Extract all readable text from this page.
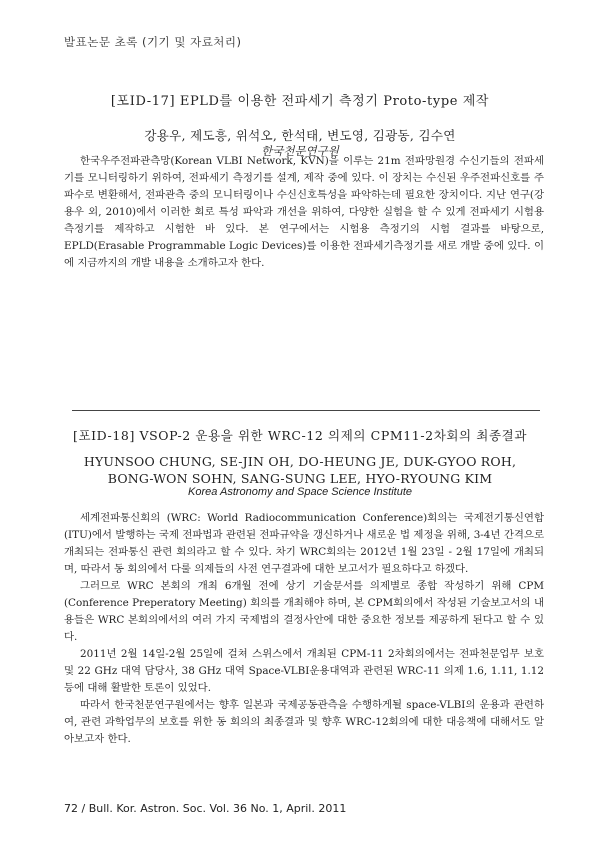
발표논문 초록 (기기 및 자료처리)
[포ID-17] EPLD를 이용한 전파세기 측정기 Proto-type 제작
강용우, 제도흥, 위석오, 한석태, 변도영, 김광동, 김수연
한국천문연구원

한국우주전파관측망(Korean VLBI Network, KVN)을 이루는 21m 전파망원경 수신기들의 전파세기를 모니터링하기 위하여, 전파세기 측정기를 설계, 제작 중에 있다. 이 장치는 수신된 우주전파신호를 주파수로 변환해서, 전파관측 중의 모니터링이나 수신신호특성을 파악하는데 필요한 장치이다. 지난 연구(강용우 외, 2010)에서 이러한 회로 특성 파악과 개선을 위하여, 다양한 실험을 할 수 있게 전파세기 시험용 측정기를 제작하고 시험한 바 있다. 본 연구에서는 시험용 측정기의 시험 결과를 바탕으로, EPLD(Erasable Programmable Logic Devices)를 이용한 전파세기측정기를 새로 개발 중에 있다. 이에 지금까지의 개발 내용을 소개하고자 한다.

[포ID-18] VSOP-2 운용을 위한 WRC-12 의제의 CPM11-2차회의 최종결과
HYUNSOO CHUNG, SE-JIN OH, DO-HEUNG JE, DUK-GYOO ROH,
BONG-WON SOHN, SANG-SUNG LEE, HYO-RYOUNG KIM
Korea Astronomy and Space Science Institute

세계전파통신회의 (WRC: World Radiocommunication Conference)회의는 국제전기통신연합(ITU)에서 발행하는 국제 전파법과 관련된 전파규약을 갱신하거나 새로운 법 제정을 위해, 3-4년 간격으로 개최되는 전파통신 관련 회의라고 할 수 있다. 차기 WRC회의는 2012년 1월 23일 - 2월 17일에 개최되며, 따라서 동 회의에서 다룰 의제들의 사전 연구결과에 대한 보고서가 필요하다고 하겠다.

그러므로 WRC 본회의 개최 6개월 전에 상기 기술문서를 의제별로 종합 작성하기 위해 CPM (Conference Preperatory Meeting) 회의를 개최해야 하며, 본 CPM회의에서 작성된 기술보고서의 내용들은 WRC 본회의에서의 여러 가지 국제법의 결정사안에 대한 중요한 정보를 제공하게 된다고 할 수 있다.

2011년 2월 14일-2월 25일에 걸쳐 스위스에서 개최된 CPM-11 2차회의에서는 전파천문업무 보호 및 22 GHz 대역 담당사, 38 GHz 대역 Space-VLBI운용대역과 관련된 WRC-11 의제 1.6, 1.11, 1.12 등에 대해 활발한 토론이 있었다.

따라서 한국천문연구원에서는 향후 일본과 국제공동관측을 수행하게될 space-VLBI의 운용과 관련하여, 관련 과학업무의 보호를 위한 동 회의의 최종결과 및 향후 WRC-12회의에 대한 대응책에 대해서도 알아보고자 한다.

72 / Bull. Kor. Astron. Soc. Vol. 36 No. 1, April. 2011
